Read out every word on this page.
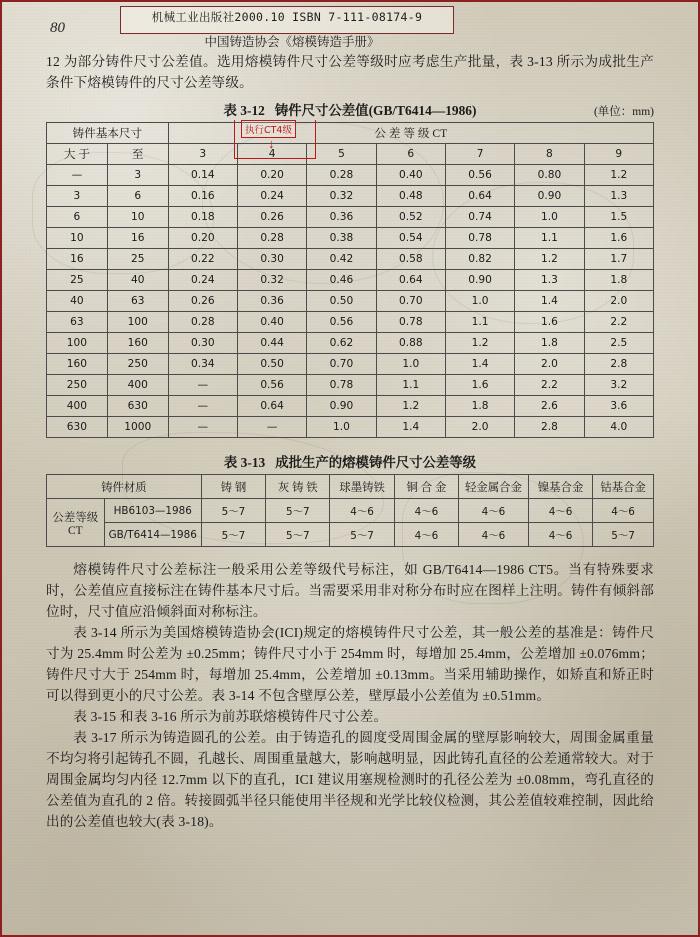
机械工业出版社2000.10 ISBN 7-111-08174-9
中国铸造协会《熔模铸造手册》
80

12 为部分铸件尺寸公差值。选用熔模铸件尺寸公差等级时应考虑生产批量，表 3-13 所示为成批生产条件下熔模铸件的尺寸公差等级。

表 3-12 铸件尺寸公差值(GB/T6414—1986)	(单位：mm)
铸件基本尺寸		公 差 等 级 CT						
大 于	至	3	4	5	6	7	8	9
—	3	0.14	0.20	0.28	0.40	0.56	0.80	1.2
3	6	0.16	0.24	0.32	0.48	0.64	0.90	1.3
6	10	0.18	0.26	0.36	0.52	0.74	1.0	1.5
10	16	0.20	0.28	0.38	0.54	0.78	1.1	1.6
16	25	0.22	0.30	0.42	0.58	0.82	1.2	1.7
25	40	0.24	0.32	0.46	0.64	0.90	1.3	1.8
40	63	0.26	0.36	0.50	0.70	1.0	1.4	2.0
63	100	0.28	0.40	0.56	0.78	1.1	1.6	2.2
100	160	0.30	0.44	0.62	0.88	1.2	1.8	2.5
160	250	0.34	0.50	0.70	1.0	1.4	2.0	2.8
250	400	—	0.56	0.78	1.1	1.6	2.2	3.2
400	630	—	0.64	0.90	1.2	1.8	2.6	3.6
630	1000	—	—	1.0	1.4	2.0	2.8	4.0
执行CT4级
↓
表 3-13 成批生产的熔模铸件尺寸公差等级
铸件材质		铸 钢	灰 铸 铁	球墨铸铁	铜 合 金	轻金属合金	镍基合金	钴基合金
公差等级 CT	HB6103—1986	5～7	5～7	4～6	4～6	4～6	4～6	4～6
	GB/T6414—1986	5～7	5～7	5～7	4～6	4～6	4～6	5～7

熔模铸件尺寸公差标注一般采用公差等级代号标注，如 GB/T6414—1986 CT5。当有特殊要求时，公差值应直接标注在铸件基本尺寸后。当需要采用非对称分布时应在图样上注明。铸件有倾斜部位时，尺寸值应沿倾斜面对称标注。

表 3-14 所示为美国熔模铸造协会(ICI)规定的熔模铸件尺寸公差，其一般公差的基准是：铸件尺寸为 25.4mm 时公差为 ±0.25mm；铸件尺寸小于 254mm 时，每增加 25.4mm，公差增加 ±0.076mm；铸件尺寸大于 254mm 时，每增加 25.4mm，公差增加 ±0.13mm。当采用辅助操作，如矫直和矫正时可以得到更小的尺寸公差。表 3-14 不包含壁厚公差，壁厚最小公差值为 ±0.51mm。

表 3-15 和表 3-16 所示为前苏联熔模铸件尺寸公差。

表 3-17 所示为铸造圆孔的公差。由于铸造孔的圆度受周围金属的壁厚影响较大，周围金属重量不均匀将引起铸孔不圆，孔越长、周围重量越大，影响越明显，因此铸孔直径的公差通常较大。对于周围金属均匀内径 12.7mm 以下的直孔，ICI 建议用塞规检测时的孔径公差为 ±0.08mm，弯孔直径的公差值为直孔的 2 倍。转接圆弧半径只能使用半径规和光学比较仪检测，其公差值较难控制，因此给出的公差值也较大(表 3-18)。
